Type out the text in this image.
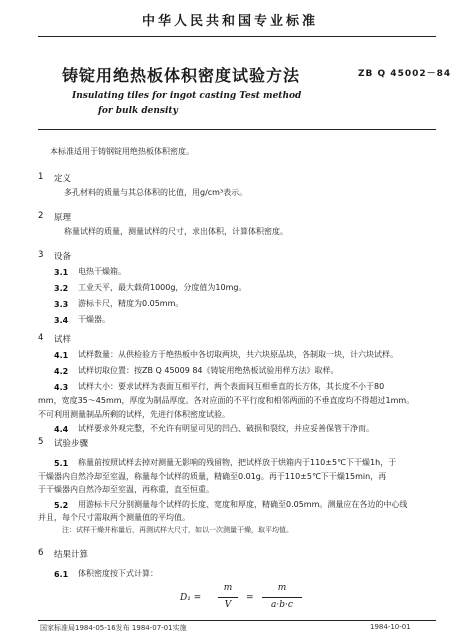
中华人民共和国专业标准
铸锭用绝热板体积密度试验方法	ZB Q 45002－84
Insulating tiles for ingot casting Test method
for bulk density
本标准适用于铸钢锭用绝热板体积密度。
1 定义
多孔材料的质量与其总体积的比值，用g/cm³表示。
2 原理
称量试样的质量，测量试样的尺寸，求出体积，计算体积密度。
3 设备
3.1 电热干燥箱。
3.2 工业天平，最大载荷1000g，分度值为10mg。
3.3 游标卡尺，精度为0.05mm。
3.4 干燥器。
4 试样
4.1 试样数量：从供检验方于绝热板中各切取两块，共六块原品块，各制取一块，计六块试样。
4.2 试样切取位置：按ZB Q 45009 84《铸锭用绝热板试验用样方法》取样。
4.3 试样大小：要求试样为表面互相平行，两个表面间互相垂直的长方体，其长度不小于80
mm，宽度35～45mm，厚度为制品厚度。各对应面的不平行度和相邻两面的不垂直度均不得超过1mm。
不可利用测量制品所剩的试样，先进行体积密度试验。
4.4 试样要求外观完整，不允许有明显可见的凹凸、破损和裂纹，并应妥善保管干净而。
5 试验步骤
5.1 称量前按照试样去掉对测量无影响的残留物，把试样放于烘箱内于110±5℃下干燥1h，于
干燥器内自然冷却至室温，称量每个试样的质量，精确至0.01g。再于110±5℃下干燥15min，再
于干燥器内自然冷却至室温，再称重，直至恒重。
5.2 用游标卡尺分别测量每个试样的长度、宽度和厚度，精确至0.05mm。测量应在各边的中心线
并且，每个尺寸需取两个测量值的平均值。
注：试样干燥并称量后，再测试样大尺寸，如以一次测量干燥，取平均值。
6 结果计算
6.1 体积密度按下式计算：
D₁ =
m
V
=
m
a·b·c
国家标准局1984-05-16发布 1984-07-01实施	1984-10-01
